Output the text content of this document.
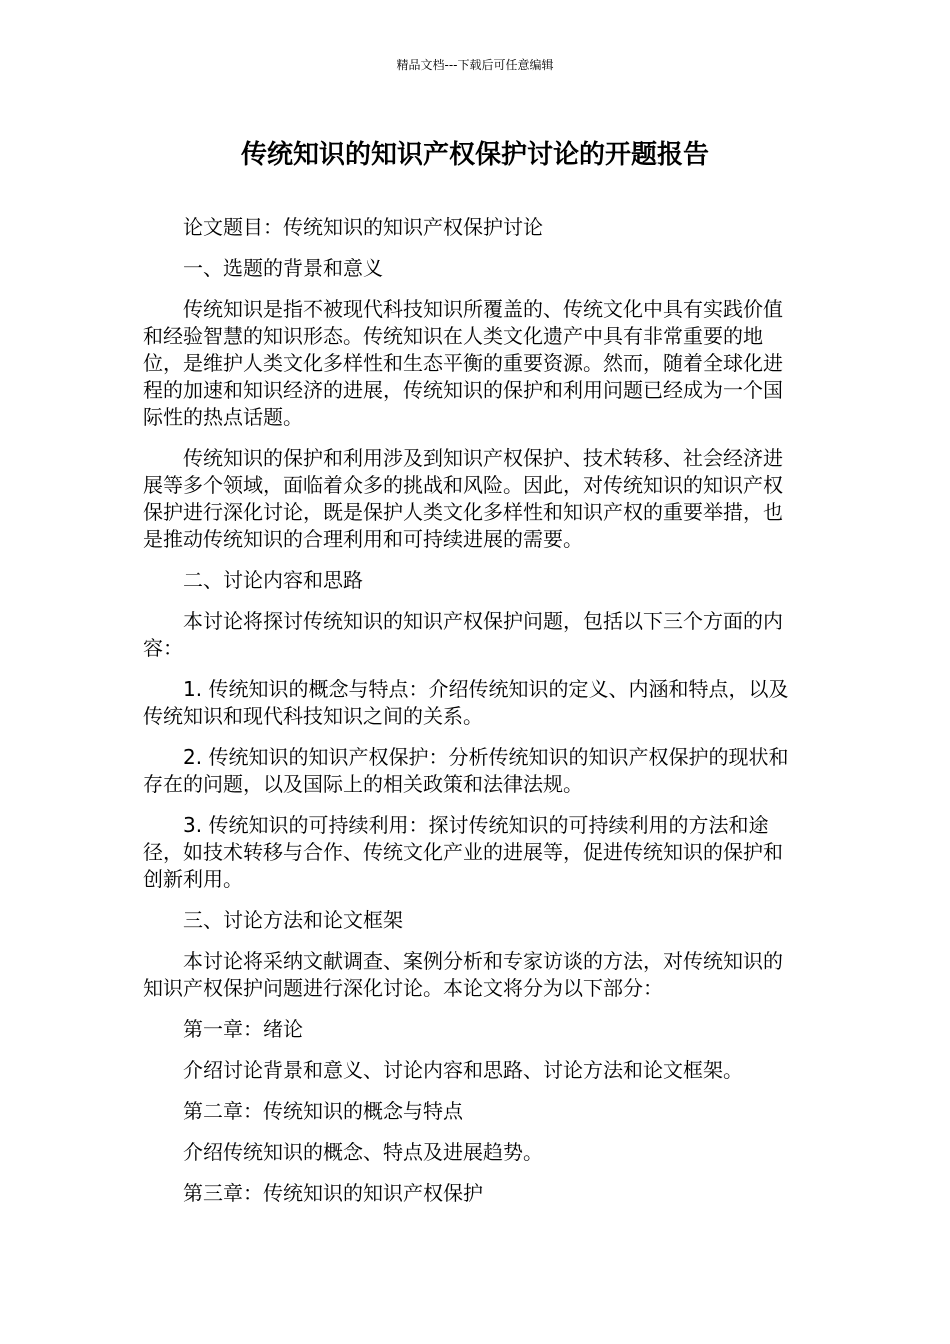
精品文档---下载后可任意编辑
传统知识的知识产权保护讨论的开题报告

论文题目：传统知识的知识产权保护讨论

一、选题的背景和意义

传统知识是指不被现代科技知识所覆盖的、传统文化中具有实践价值和经验智慧的知识形态。传统知识在人类文化遗产中具有非常重要的地位，是维护人类文化多样性和生态平衡的重要资源。然而，随着全球化进程的加速和知识经济的进展，传统知识的保护和利用问题已经成为一个国际性的热点话题。

传统知识的保护和利用涉及到知识产权保护、技术转移、社会经济进展等多个领域，面临着众多的挑战和风险。因此，对传统知识的知识产权保护进行深化讨论，既是保护人类文化多样性和知识产权的重要举措，也是推动传统知识的合理利用和可持续进展的需要。

二、讨论内容和思路

本讨论将探讨传统知识的知识产权保护问题，包括以下三个方面的内容：

1. 传统知识的概念与特点：介绍传统知识的定义、内涵和特点，以及传统知识和现代科技知识之间的关系。

2. 传统知识的知识产权保护：分析传统知识的知识产权保护的现状和存在的问题，以及国际上的相关政策和法律法规。

3. 传统知识的可持续利用：探讨传统知识的可持续利用的方法和途径，如技术转移与合作、传统文化产业的进展等，促进传统知识的保护和创新利用。

三、讨论方法和论文框架

本讨论将采纳文献调查、案例分析和专家访谈的方法，对传统知识的知识产权保护问题进行深化讨论。本论文将分为以下部分：

第一章：绪论

介绍讨论背景和意义、讨论内容和思路、讨论方法和论文框架。

第二章：传统知识的概念与特点

介绍传统知识的概念、特点及进展趋势。

第三章：传统知识的知识产权保护
